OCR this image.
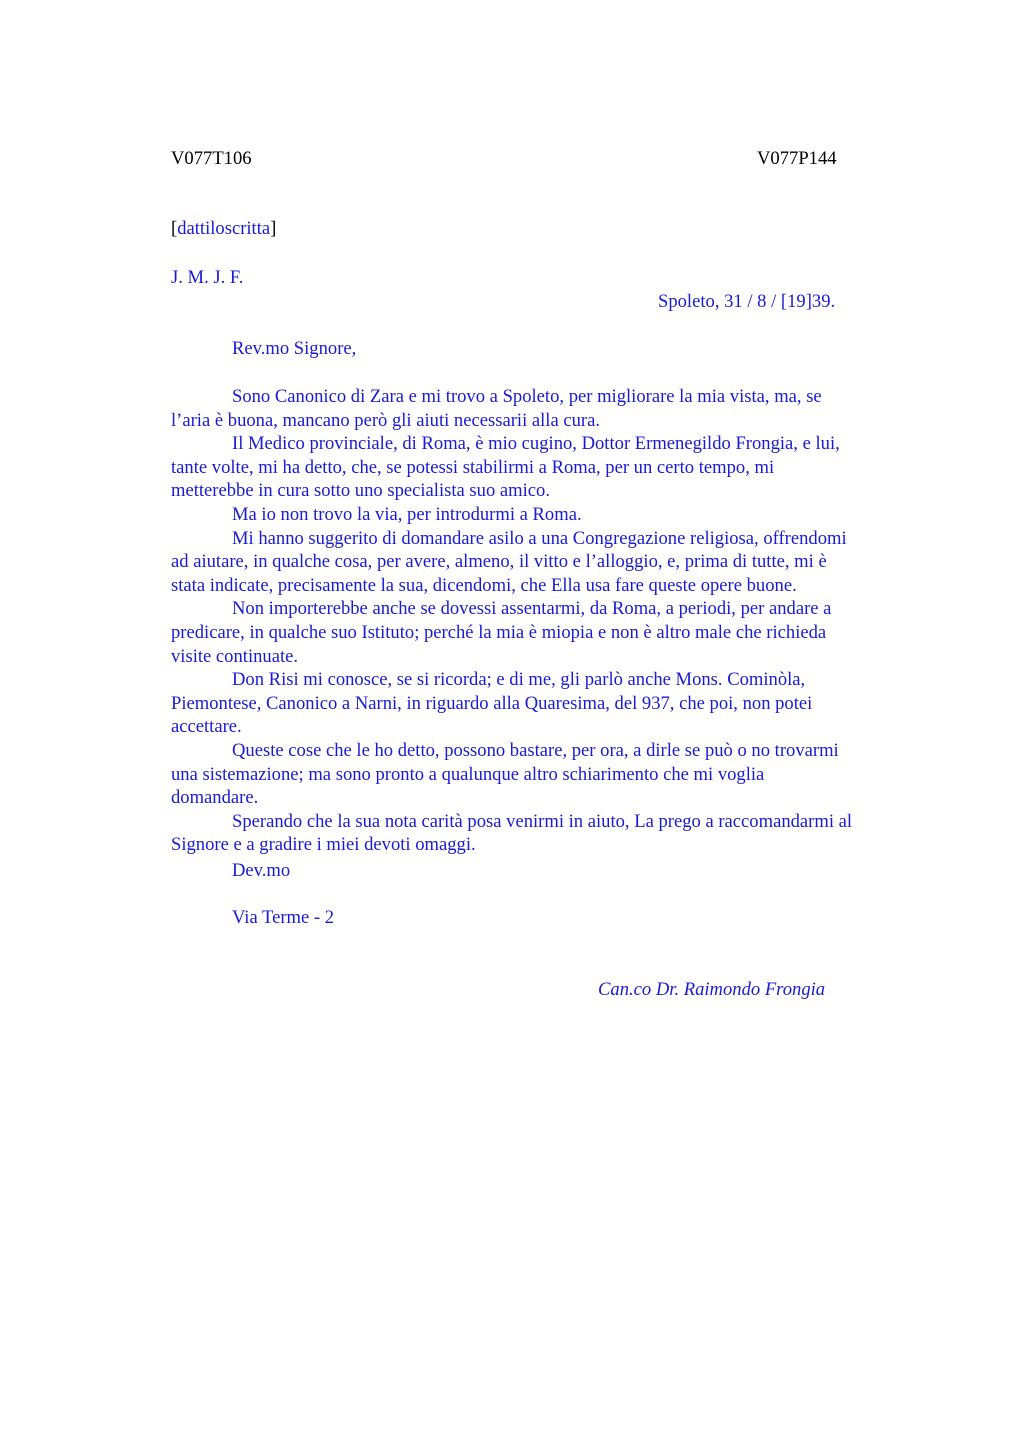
V077T106	V077P144
[dattiloscritta]
J. M. J. F.
Spoleto, 31 / 8 / [19]39.
Rev.mo Signore,

Sono Canonico di Zara e mi trovo a Spoleto, per migliorare la mia vista, ma, se
l’aria è buona, mancano però gli aiuti necessarii alla cura.

Il Medico provinciale, di Roma, è mio cugino, Dottor Ermenegildo Frongia, e lui,
tante volte, mi ha detto, che, se potessi stabilirmi a Roma, per un certo tempo, mi
metterebbe in cura sotto uno specialista suo amico.

Ma io non trovo la via, per introdurmi a Roma.

Mi hanno suggerito di domandare asilo a una Congregazione religiosa, offrendomi
ad aiutare, in qualche cosa, per avere, almeno, il vitto e l’alloggio, e, prima di tutte, mi è
stata indicate, precisamente la sua, dicendomi, che Ella usa fare queste opere buone.

Non importerebbe anche se dovessi assentarmi, da Roma, a periodi, per andare a
predicare, in qualche suo Istituto; perché la mia è miopia e non è altro male che richieda
visite continuate.

Don Risi mi conosce, se si ricorda; e di me, gli parlò anche Mons. Cominòla,
Piemontese, Canonico a Narni, in riguardo alla Quaresima, del 937, che poi, non potei
accettare.

Queste cose che le ho detto, possono bastare, per ora, a dirle se può o no trovarmi
una sistemazione; ma sono pronto a qualunque altro schiarimento che mi voglia
domandare.

Sperando che la sua nota carità posa venirmi in aiuto, La prego a raccomandarmi al
Signore e a gradire i miei devoti omaggi.

Dev.mo
Via Terme - 2
Can.co Dr. Raimondo Frongia
